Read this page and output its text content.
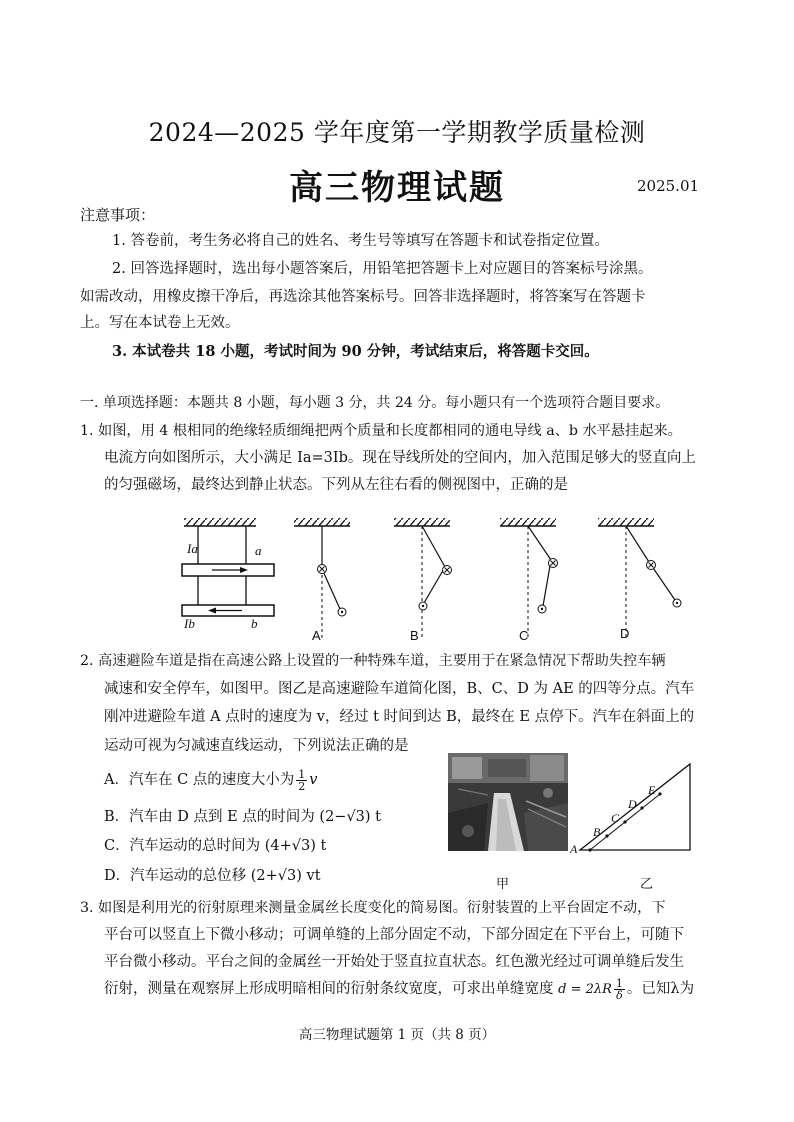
2024—2025 学年度第一学期教学质量检测
高三物理试题	2025.01
注意事项：
1. 答卷前，考生务必将自己的姓名、考生号等填写在答题卡和试卷指定位置。
2. 回答选择题时，选出每小题答案后，用铅笔把答题卡上对应题目的答案标号涂黑。
如需改动，用橡皮擦干净后，再选涂其他答案标号。回答非选择题时，将答案写在答题卡
上。写在本试卷上无效。
3. 本试卷共 18 小题，考试时间为 90 分钟，考试结束后，将答题卡交回。
一. 单项选择题：本题共 8 小题，每小题 3 分，共 24 分。每小题只有一个选项符合题目要求。
1. 如图，用 4 根相同的绝缘轻质细绳把两个质量和长度都相同的通电导线 a、b 水平悬挂起来。
电流方向如图所示，大小满足 Ia=3Ib。现在导线所处的空间内，加入范围足够大的竖直向上
的匀强磁场，最终达到静止状态。下列从左往右看的侧视图中，正确的是
Ia	a
Ib	b
A	B	C	D
2. 高速避险车道是指在高速公路上设置的一种特殊车道，主要用于在紧急情况下帮助失控车辆
减速和安全停车，如图甲。图乙是高速避险车道简化图，B、C、D 为 AE 的四等分点。汽车
刚冲进避险车道 A 点时的速度为 v，经过 t 时间到达 B，最终在 E 点停下。汽车在斜面上的
运动可视为匀减速直线运动，下列说法正确的是
A．汽车在 C 点的速度大小为 $\frac{1}{2}$ v
B．汽车由 D 点到 E 点的时间为 (2−√3) t
C．汽车运动的总时间为 (4+√3) t
D．汽车运动的总位移 (2+√3) vt
A
B
C
D
E
甲	乙
3. 如图是利用光的衍射原理来测量金属丝长度变化的简易图。衍射装置的上平台固定不动，下
平台可以竖直上下微小移动；可调单缝的上部分固定不动，下部分固定在下平台上，可随下
平台微小移动。平台之间的金属丝一开始处于竖直拉直状态。红色激光经过可调单缝后发生
衍射，测量在观察屏上形成明暗相间的衍射条纹宽度，可求出单缝宽度 $d = 2\lambda R \frac{1}{\delta}$ 。已知λ为
高三物理试题第 1 页（共 8 页）
